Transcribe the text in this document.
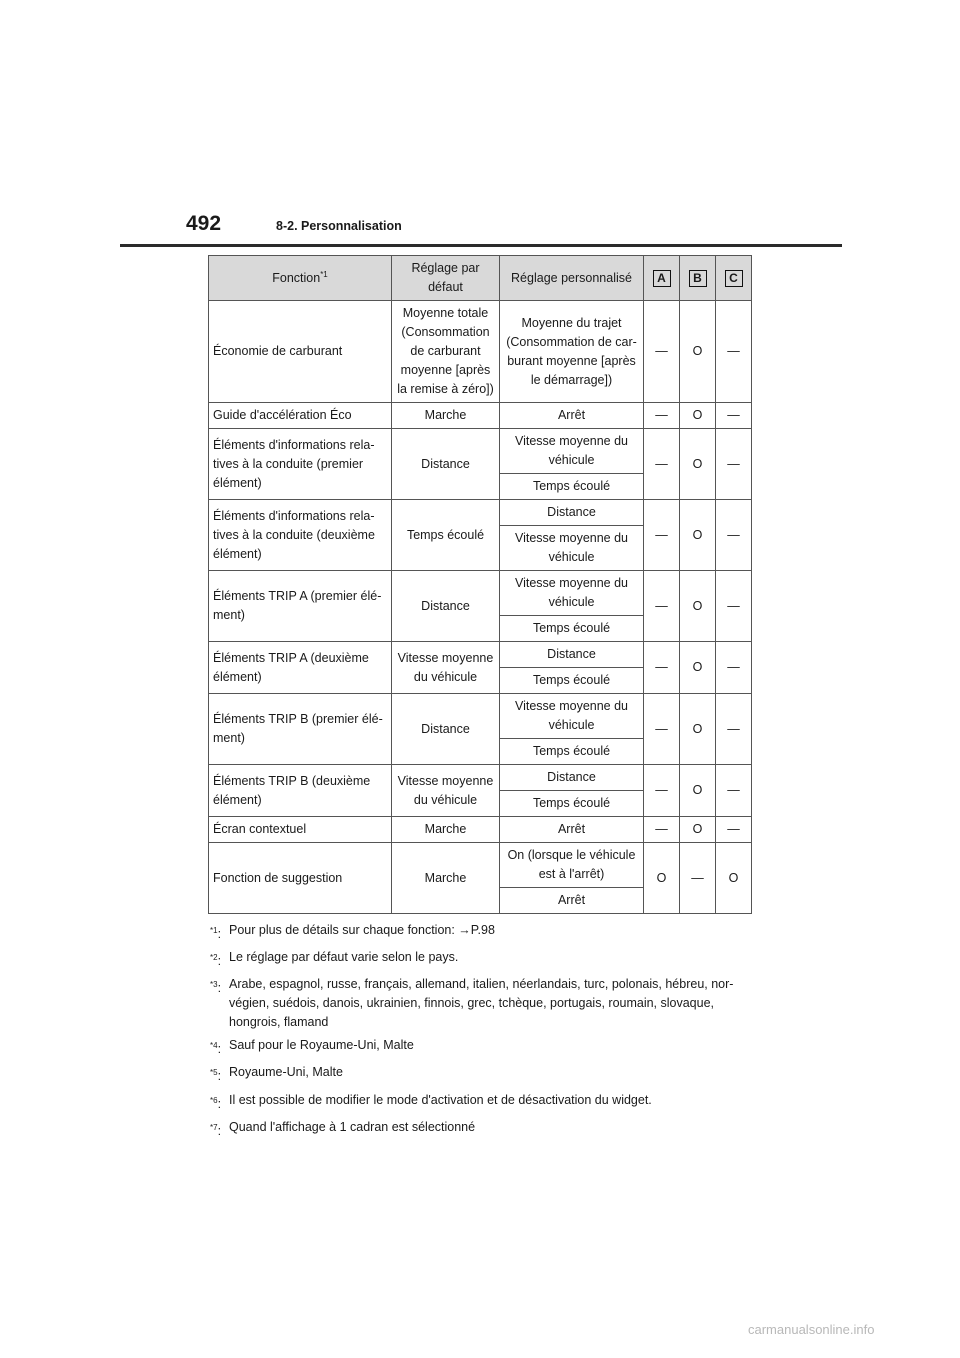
492	8-2. Personnalisation
Fonction$^{*1}$	Réglage par défaut	Réglage personnalisé	A	B	C
Économie de carburant	Moyenne totale (Consommation de carburant moyenne [après la remise à zéro])	Moyenne du trajet (Consommation de car- burant moyenne [après le démarrage])	—	O	—
Guide d'accélération Éco	Marche	Arrêt	—	O	—
Éléments d'informations rela- tives à la conduite (premier élément)	Distance	Vitesse moyenne du véhicule	—	O	—
		Temps écoulé			
Éléments d'informations rela- tives à la conduite (deuxième élément)	Temps écoulé	Distance	—	O	—
		Vitesse moyenne du véhicule			
Éléments TRIP A (premier élé- ment)	Distance	Vitesse moyenne du véhicule	—	O	—
		Temps écoulé			
Éléments TRIP A (deuxième élément)	Vitesse moyenne du véhicule	Distance	—	O	—
		Temps écoulé			
Éléments TRIP B (premier élé- ment)	Distance	Vitesse moyenne du véhicule	—	O	—
		Temps écoulé			
Éléments TRIP B (deuxième élément)	Vitesse moyenne du véhicule	Distance	—	O	—
		Temps écoulé			
Écran contextuel	Marche	Arrêt	—	O	—
Fonction de suggestion	Marche	On (lorsque le véhicule est à l'arrêt)	O	—	O
		Arrêt			
$^{*1}$: Pour plus de détails sur chaque fonction: →P.98
$^{*2}$: Le réglage par défaut varie selon le pays.
$^{*3}$: Arabe, espagnol, russe, français, allemand, italien, néerlandais, turc, polonais, hébreu, nor- végien, suédois, danois, ukrainien, finnois, grec, tchèque, portugais, roumain, slovaque, hongrois, flamand
$^{*4}$: Sauf pour le Royaume-Uni, Malte
$^{*5}$: Royaume-Uni, Malte
$^{*6}$: Il est possible de modifier le mode d'activation et de désactivation du widget.
$^{*7}$: Quand l'affichage à 1 cadran est sélectionné
carmanualsonline.info
